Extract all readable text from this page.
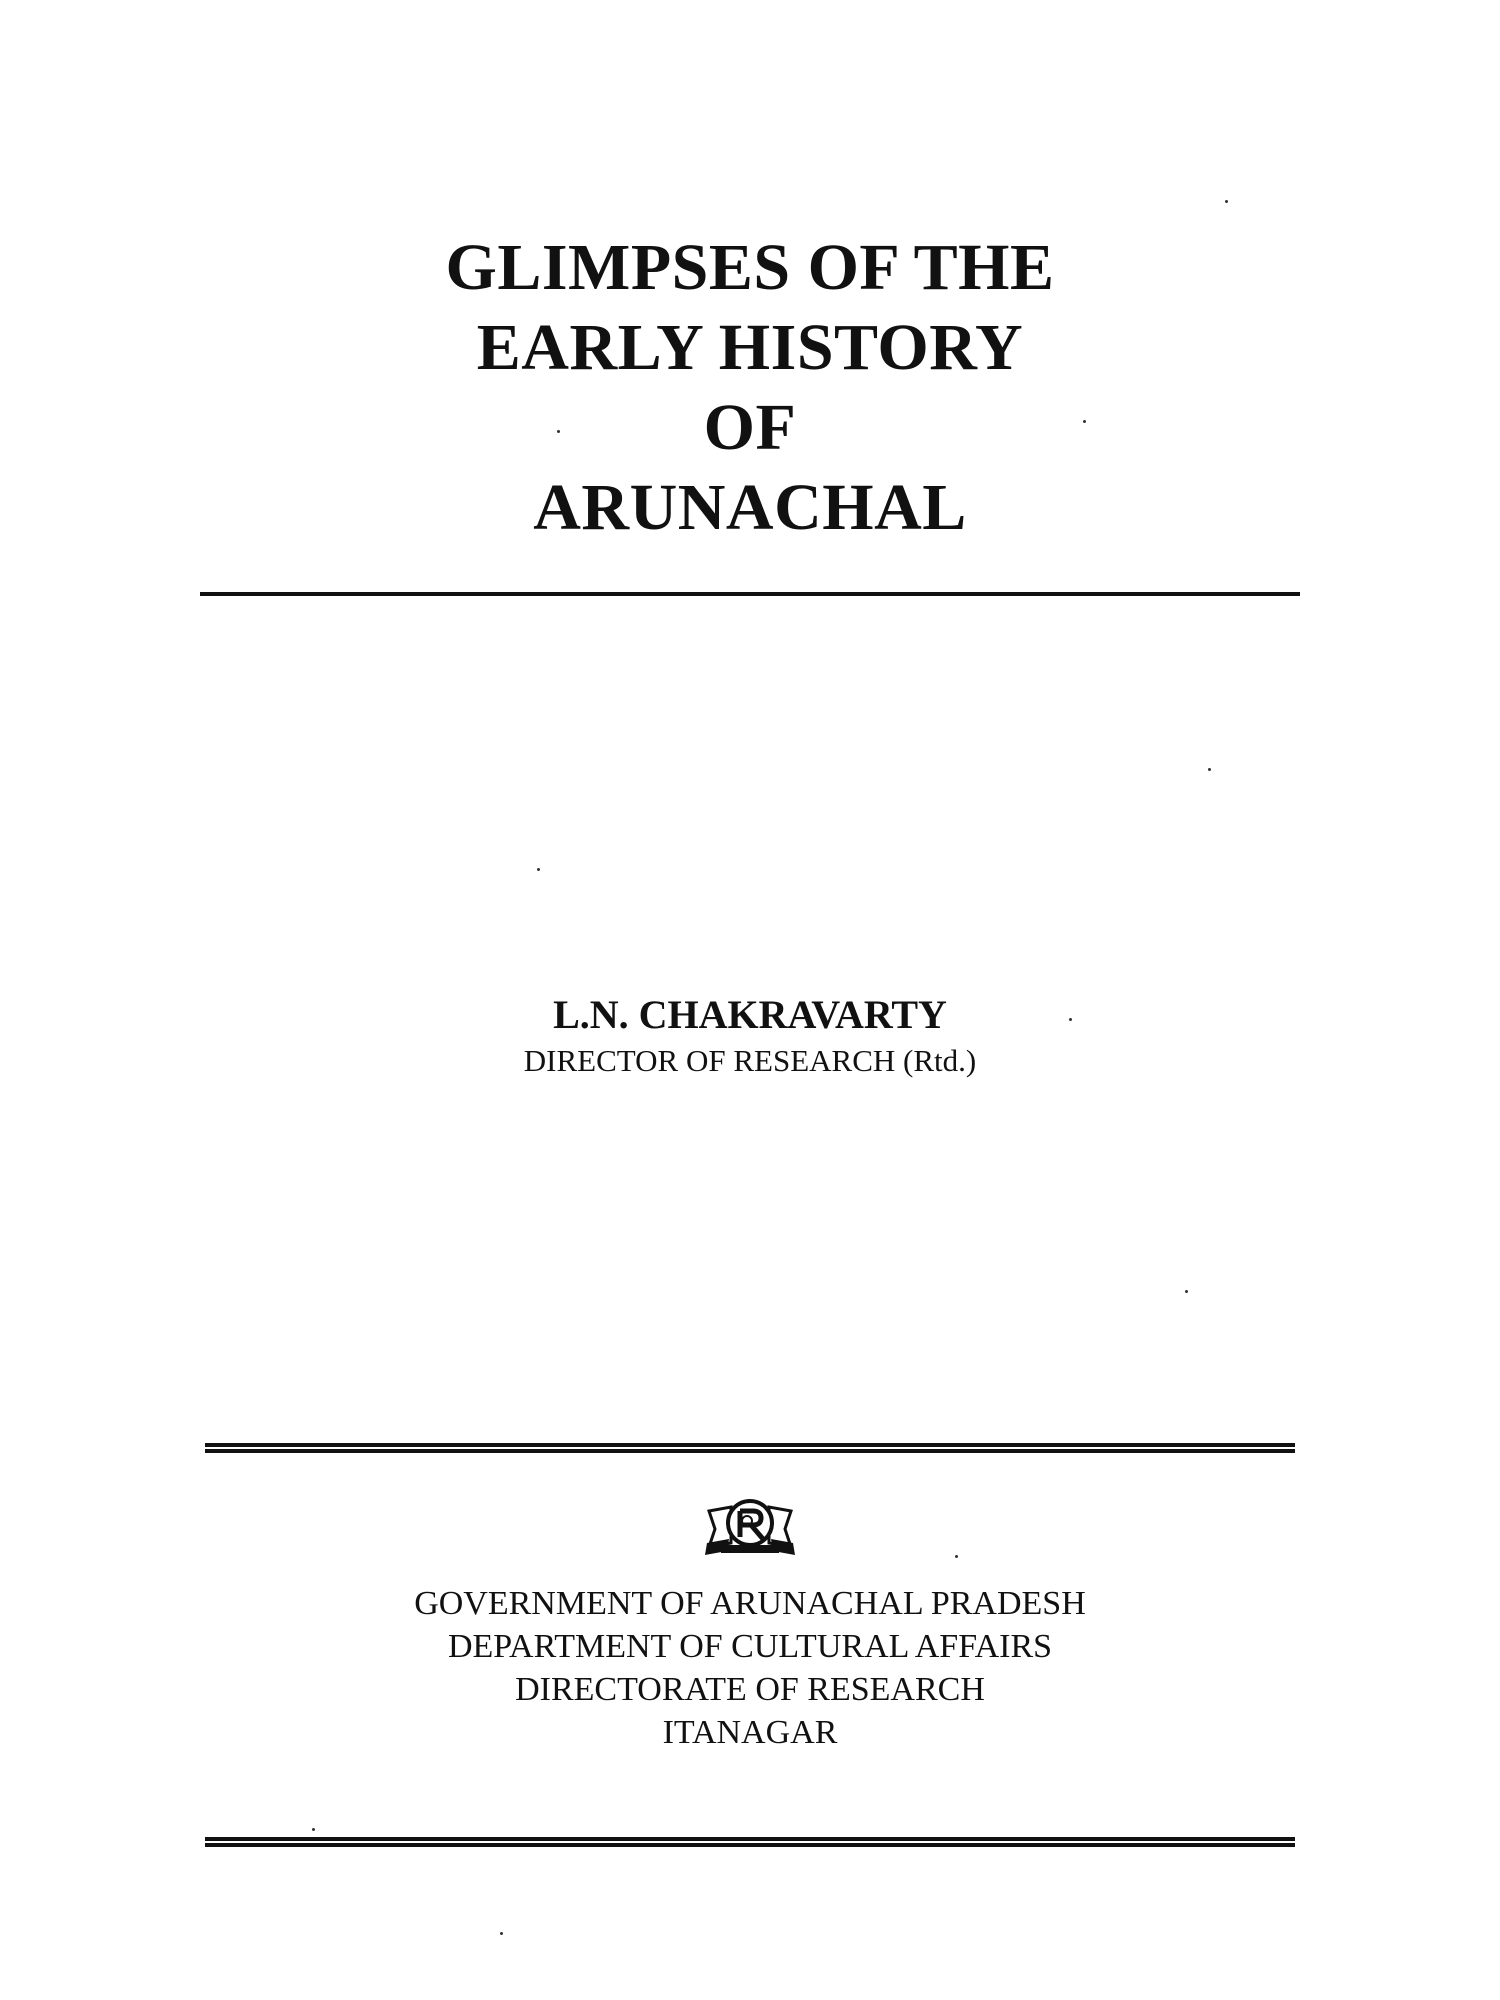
GLIMPSES OF THE
EARLY HISTORY
OF
ARUNACHAL
L.N. CHAKRAVARTY
DIRECTOR OF RESEARCH (Rtd.)
GOVERNMENT OF ARUNACHAL PRADESH
DEPARTMENT OF CULTURAL AFFAIRS
DIRECTORATE OF RESEARCH
ITANAGAR
